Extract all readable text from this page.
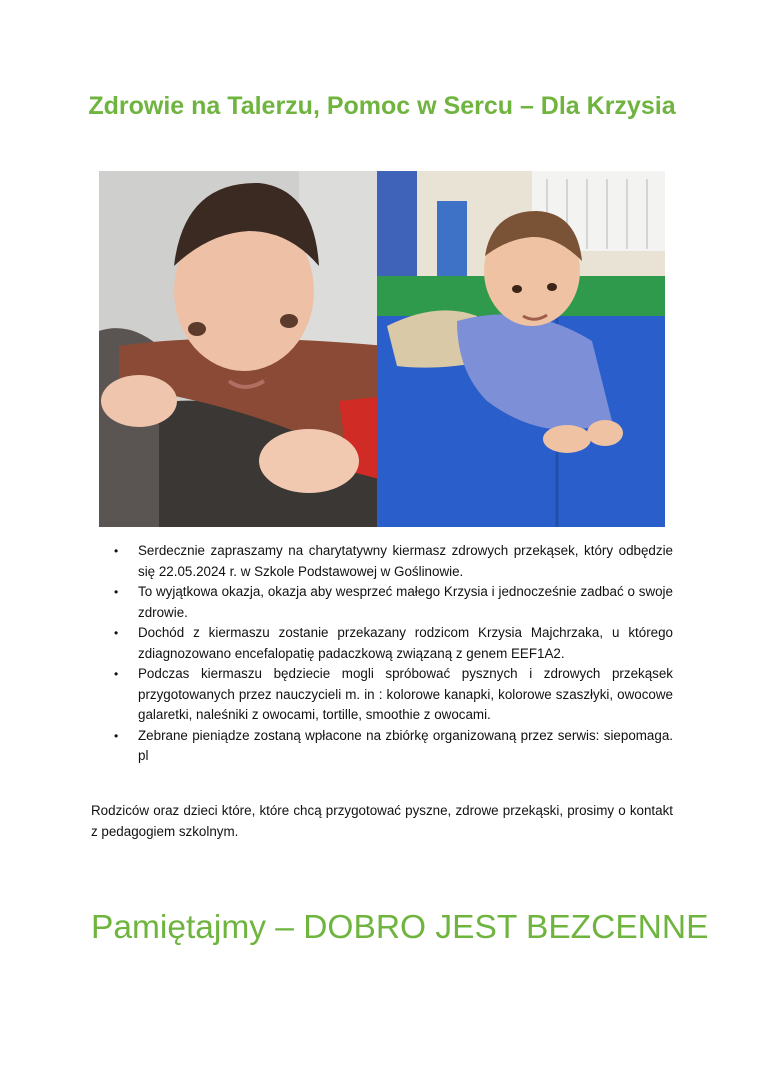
Zdrowie na Talerzu, Pomoc w Sercu – Dla Krzysia
• Serdecznie zapraszamy na charytatywny kiermasz zdrowych przekąsek, który odbędzie się 22.05.2024 r. w Szkole Podstawowej w Goślinowie.
• To wyjątkowa okazja, okazja aby wesprzeć małego Krzysia i jednocześnie zadbać o swoje zdrowie.
• Dochód z kiermaszu zostanie przekazany rodzicom Krzysia Majchrzaka, u którego zdiagnozowano encefalopatię padaczkową związaną z genem EEF1A2.
• Podczas kiermaszu będziecie mogli spróbować pysznych i zdrowych przekąsek przygotowanych przez nauczycieli m. in : kolorowe kanapki, kolorowe szaszłyki, owocowe galaretki, naleśniki z owocami, tortille, smoothie z owocami.
• Zebrane pieniądze zostaną wpłacone na zbiórkę organizowaną przez serwis: siepomaga. pl

Rodziców oraz dzieci które, które chcą przygotować pyszne, zdrowe przekąski, prosimy o kontakt z pedagogiem szkolnym.

Pamiętajmy – DOBRO JEST BEZCENNE
